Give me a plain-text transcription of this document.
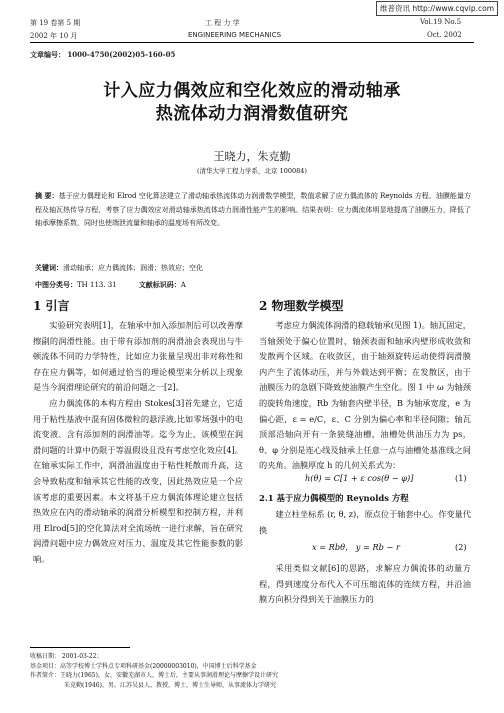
维普资讯 http://www.cqvip.com
第 19 卷第 5 期
2002 年 10 月
工 程 力 学
ENGINEERING MECHANICS
Vol.19 No.5
Oct. 2002
文章编号： 1000-4750(2002)05-160-05
计入应力偶效应和空化效应的滑动轴承
热流体动力润滑数值研究
王晓力，朱克勤
(清华大学工程力学系，北京 100084)
摘 要：基于应力偶理论和 Elrod 空化算法建立了滑动轴承热流体动力润滑数学模型，数值求解了应力偶流体的 Reynolds 方程、油膜能量方程及轴瓦热传导方程，考察了应力偶效应对滑动轴承热流体动力润滑性能产生的影响。结果表明：应力偶流体明显地提高了油膜压力，降低了轴承摩擦系数，同时也使端泄流量和轴承的温度场有所改变。
关键词：滑动轴承；应力偶流体；润滑；热效应；空化
中图分类号：TH 113. 31	文献标识码：A
1 引言

实验研究表明[1]，在轴承中加入添加剂后可以改善摩擦副的润滑性能。由于带有添加剂的润滑油会表现出与牛顿流体不同的力学特性，比如应力张量呈现出非对称性和存在应力偶等，如何通过恰当的理论模型来分析以上现象是当今润滑理论研究的前沿问题之一[2]。

应力偶流体的本构方程由 Stokes[3]首先建立，它适用于粘性基液中混有固体微粒的悬浮液,比如零场强中的电流变液、含有添加剂的润滑油等。迄今为止，该模型在润滑问题的计算中仍限于等温假设且没有考虑空化效应[4]。在轴承实际工作中，润滑油温度由于粘性耗散而升高，这会导致粘度和轴承其它性能的改变，因此热效应是一个应该考虑的重要因素。本文将基于应力偶流体理论建立包括热效应在内的滑动轴承的润滑分析模型和控制方程，并利用 Elrod[5]的空化算法对全流场统一进行求解，旨在研究润滑问题中应力偶效应对压力、温度及其它性能参数的影响。

2 物理数学模型

考虑应力偶流体润滑的稳载轴承(见图 1)。轴瓦固定，当轴颈处于偏心位置时，轴颈表面和轴承内壁形成收敛和发散两个区域。在收敛区，由于轴颈旋转运动使得润滑膜内产生了流体动压，并与外载达到平衡；在发散区，由于油膜压力的急剧下降致使油膜产生空化。图 1 中 ω 为轴颈的旋转角速度，Rb 为轴套内壁半径，B 为轴承宽度，e 为偏心距，ε = e/C，ε、C 分别为偏心率和半径间隙；轴瓦顶部沿轴向开有一条狭缝油槽，油槽处供油压力为 ps，θ、φ 分别是连心线及轴承上任意一点与油槽处基准线之间的夹角。油膜厚度 h 的几何关系式为：

h(θ) = C[1 + ε cos(θ − φ)]	(1)
2.1 基于应力偶模型的 Reynolds 方程

建立柱坐标系 (r, θ, z)，原点位于轴套中心。作变量代换

x = Rbθ， y = Rb − r	(2)

采用类似文献[6]的思路，求解应力偶流体的动量方程，得到速度分布代入不可压缩流体的连续方程，并沿油膜方向积分得到关于油膜压力的

收稿日期： 2001-03-22；
基金项目：高等学校博士学科点专项科研基金(20000003010)，中国博士后科学基金
作者简介：王晓力(1965)，女，安徽芜湖市人，博士后，主要从事润滑理论与摩擦学设计研究
朱克勤(1946)，男，江苏吴县人，教授，博士，博士生导师，从事流体力学研究
